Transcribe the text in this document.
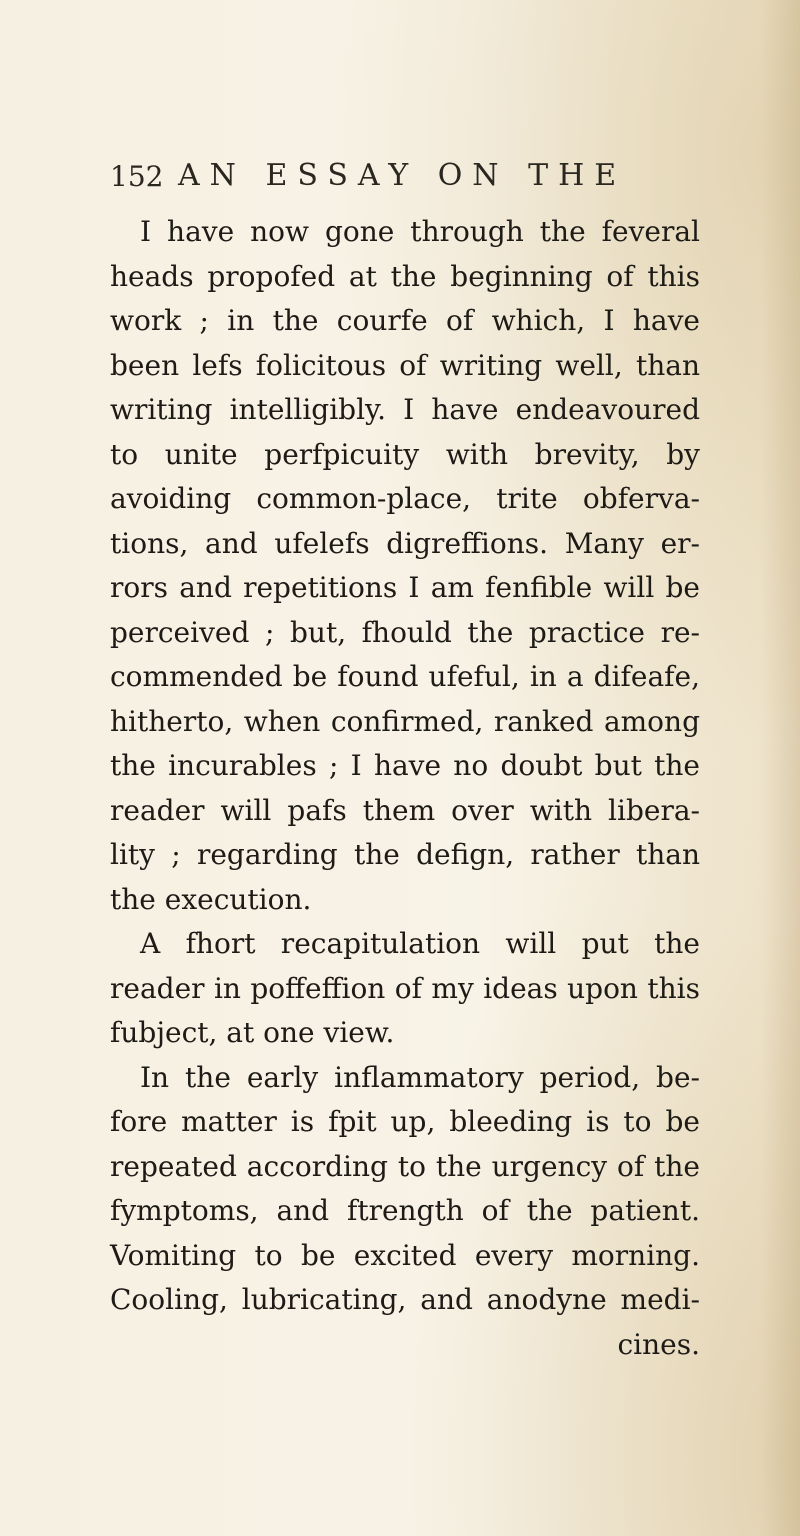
152 AN ESSAY ON THE
I have now gone through the feveral
heads propofed at the beginning of this
work ; in the courfe of which, I have
been lefs folicitous of writing well, than
writing intelligibly. I have endeavoured
to unite perfpicuity with brevity, by
avoiding common-place, trite obferva-
tions, and ufelefs digreffions. Many er-
rors and repetitions I am fenfible will be
perceived ; but, fhould the practice re-
commended be found ufeful, in a difeafe,
hitherto, when confirmed, ranked among
the incurables ; I have no doubt but the
reader will pafs them over with libera-
lity ; regarding the defign, rather than
the execution.
A fhort recapitulation will put the
reader in poffeffion of my ideas upon this
fubject, at one view.
In the early inflammatory period, be-
fore matter is fpit up, bleeding is to be
repeated according to the urgency of the
fymptoms, and ftrength of the patient.
Vomiting to be excited every morning.
Cooling, lubricating, and anodyne medi-
cines.
